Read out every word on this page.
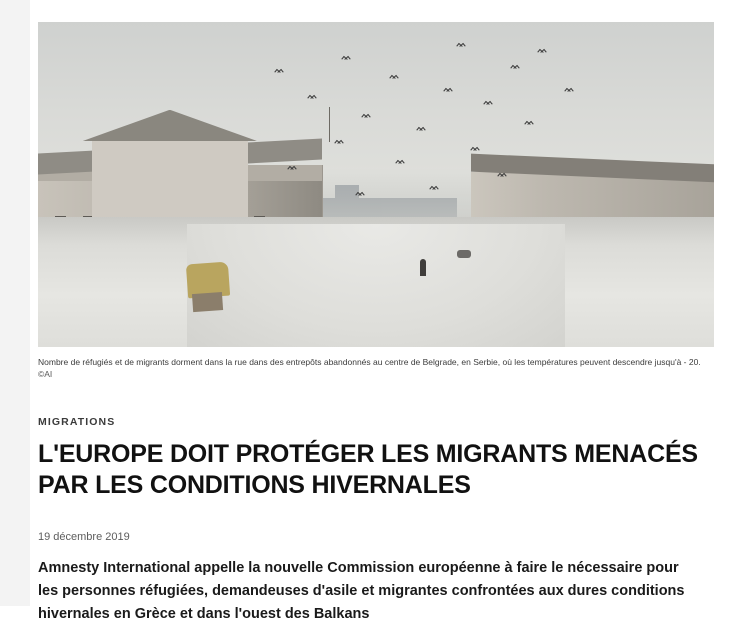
Nombre de réfugiés et de migrants dorment dans la rue dans des entrepôts abandonnés au centre de Belgrade, en Serbie, où les températures peuvent descendre jusqu'à - 20. ©AI
MIGRATIONS
L'EUROPE DOIT PROTÉGER LES MIGRANTS MENACÉS PAR LES CONDITIONS HIVERNALES
19 décembre 2019

Amnesty International appelle la nouvelle Commission européenne à faire le nécessaire pour les personnes réfugiées, demandeuses d'asile et migrantes confrontées aux dures conditions hivernales en Grèce et dans l'ouest des Balkans
